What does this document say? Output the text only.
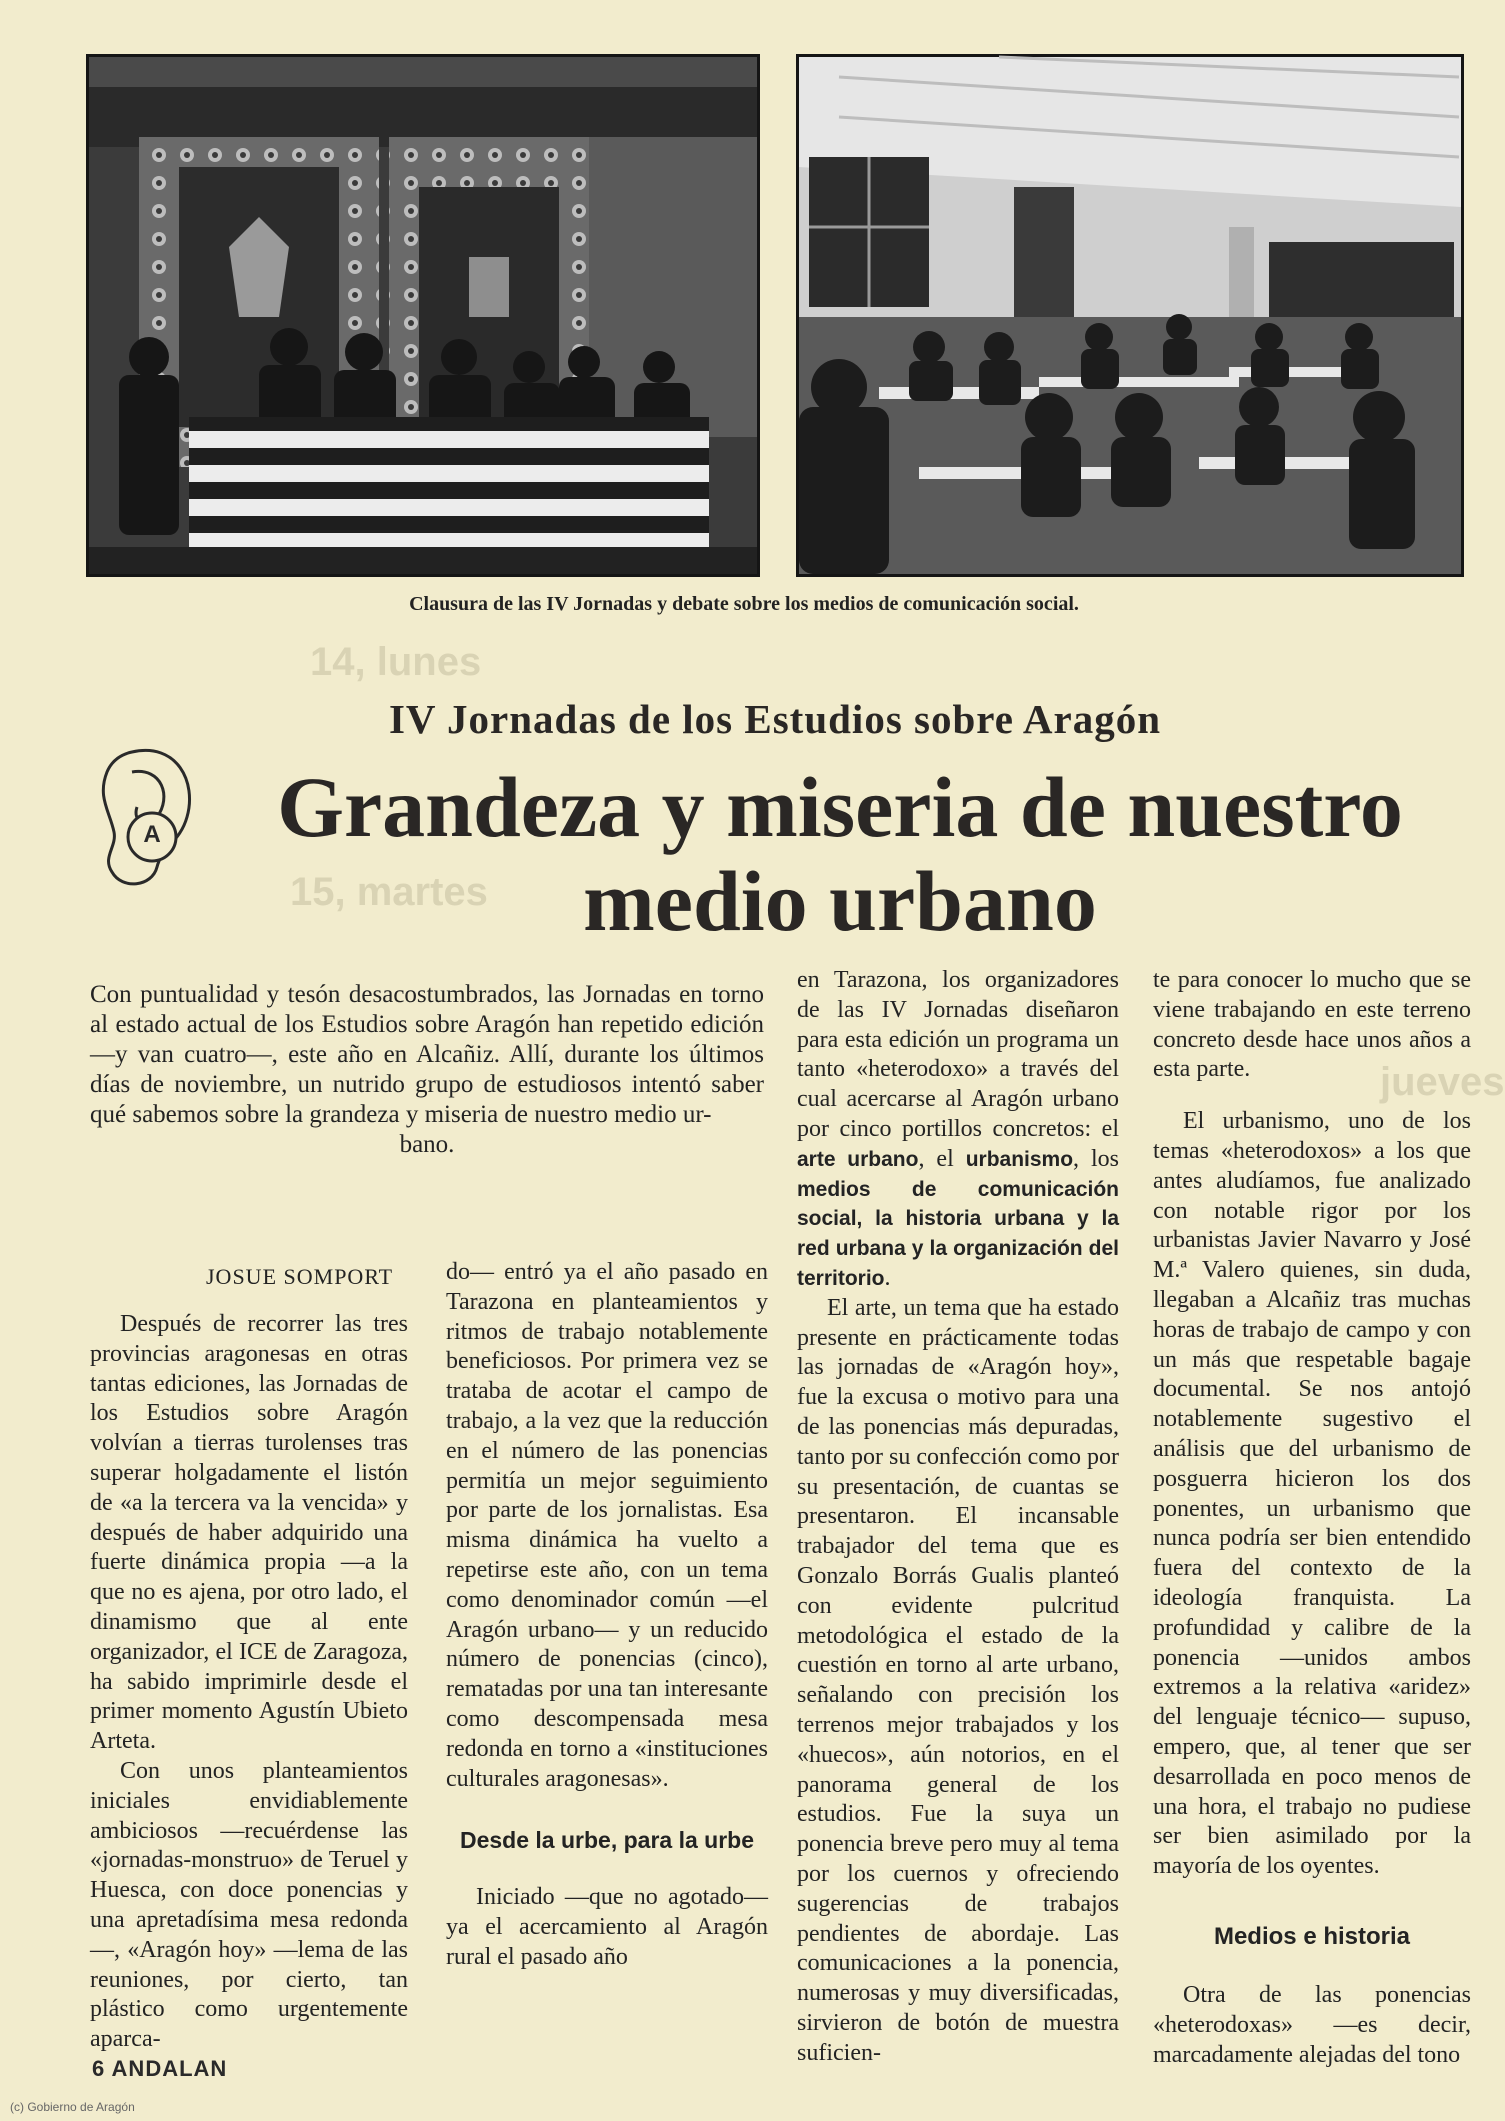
14, lunes
15, martes
jueves
Clausura de las IV Jornadas y debate sobre los medios de comunicación social.
A
IV Jornadas de los Estudios sobre Aragón
Grandeza y miseria de nuestro
medio urbano
Con puntualidad y tesón desacostumbrados, las Jornadas en torno al estado actual de los Estudios sobre Aragón han repetido edición —y van cuatro—, este año en Alcañiz. Allí, durante los últimos días de noviembre, un nutrido grupo de estudiosos intentó saber qué sabemos sobre la grandeza y miseria de nuestro medio ur-
bano.
JOSUE SOMPORT

Después de recorrer las tres provincias aragonesas en otras tantas ediciones, las Jornadas de los Estudios sobre Aragón volvían a tierras turolenses tras superar holgadamente el listón de «a la tercera va la vencida» y después de haber adquirido una fuerte dinámica propia —a la que no es ajena, por otro lado, el dinamismo que al ente organizador, el ICE de Zaragoza, ha sabido imprimirle desde el primer momento Agustín Ubieto Arteta.

Con unos planteamientos iniciales envidiablemente ambiciosos —recuérdense las «jornadas-monstruo» de Teruel y Huesca, con doce ponencias y una apretadísima mesa redonda—, «Aragón hoy» —lema de las reuniones, por cierto, tan plástico como urgentemente aparca-

do— entró ya el año pasado en Tarazona en planteamientos y ritmos de trabajo notablemente beneficiosos. Por primera vez se trataba de acotar el campo de trabajo, a la vez que la reducción en el número de las ponencias permitía un mejor seguimiento por parte de los jornalistas. Esa misma dinámica ha vuelto a repetirse este año, con un tema como denominador común —el Aragón urbano— y un reducido número de ponencias (cinco), rematadas por una tan interesante como descompensada mesa redonda en torno a «instituciones culturales aragonesas».

Desde la urbe, para la urbe

Iniciado —que no agotado— ya el acercamiento al Aragón rural el pasado año

en Tarazona, los organizadores de las IV Jornadas diseñaron para esta edición un programa un tanto «heterodoxo» a través del cual acercarse al Aragón urbano por cinco portillos concretos: el arte urbano, el urbanismo, los medios de comunicación social, la historia urbana y la red urbana y la organización del territorio.

El arte, un tema que ha estado presente en prácticamente todas las jornadas de «Aragón hoy», fue la excusa o motivo para una de las ponencias más depuradas, tanto por su confección como por su presentación, de cuantas se presentaron. El incansable trabajador del tema que es Gonzalo Borrás Gualis planteó con evidente pulcritud metodológica el estado de la cuestión en torno al arte urbano, señalando con precisión los terrenos mejor trabajados y los «huecos», aún notorios, en el panorama general de los estudios. Fue la suya un ponencia breve pero muy al tema por los cuernos y ofreciendo sugerencias de trabajos pendientes de abordaje. Las comunicaciones a la ponencia, numerosas y muy diversificadas, sirvieron de botón de muestra suficien-

te para conocer lo mucho que se viene trabajando en este terreno concreto desde hace unos años a esta parte.

El urbanismo, uno de los temas «heterodoxos» a los que antes aludíamos, fue analizado con notable rigor por los urbanistas Javier Navarro y José M.ª Valero quienes, sin duda, llegaban a Alcañiz tras muchas horas de trabajo de campo y con un más que respetable bagaje documental. Se nos antojó notablemente sugestivo el análisis que del urbanismo de posguerra hicieron los dos ponentes, un urbanismo que nunca podría ser bien entendido fuera del contexto de la ideología franquista. La profundidad y calibre de la ponencia —unidos ambos extremos a la relativa «aridez» del lenguaje técnico— supuso, empero, que, al tener que ser desarrollada en poco menos de una hora, el trabajo no pudiese ser bien asimilado por la mayoría de los oyentes.

Medios e historia

Otra de las ponencias «heterodoxas» —es decir, marcadamente alejadas del tono

6 ANDALAN
(c) Gobierno de Aragón
